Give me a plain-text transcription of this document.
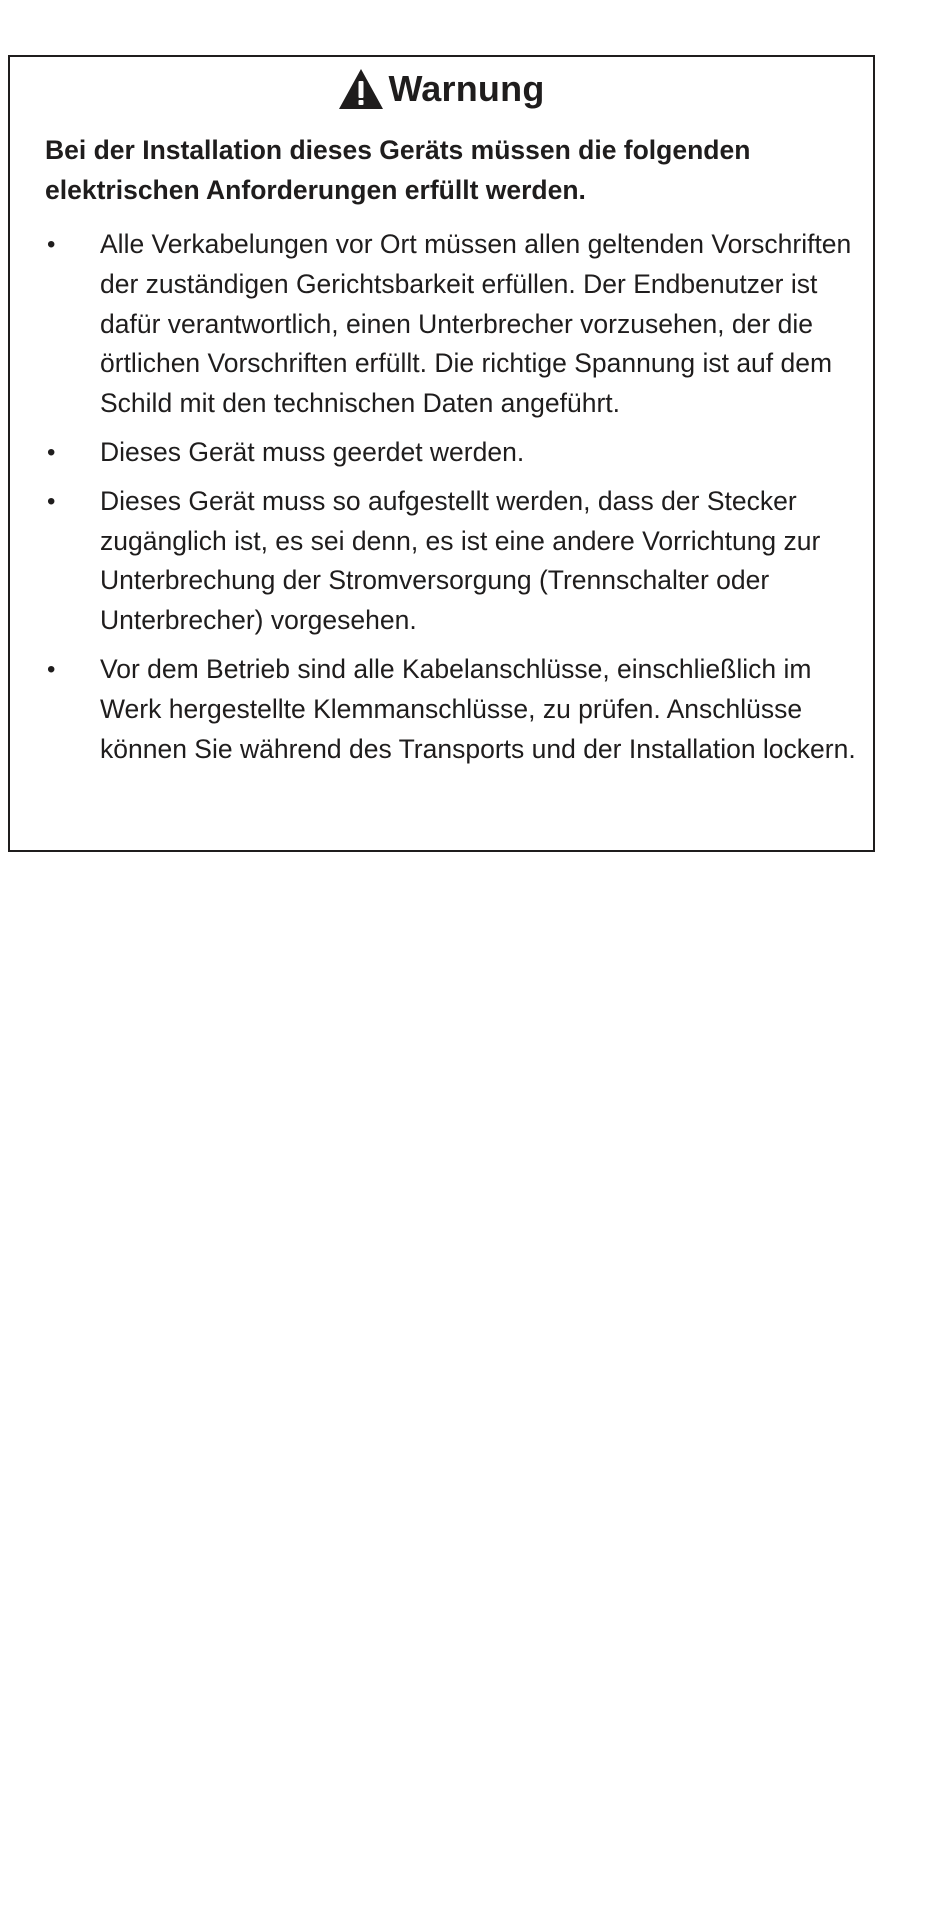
Warnung
Bei der Installation dieses Geräts müssen die folgenden elektrischen Anforderungen erfüllt werden.
• Alle Verkabelungen vor Ort müssen allen geltenden Vorschriften der zuständigen Gerichtsbarkeit erfüllen. Der Endbenutzer ist dafür verantwortlich, einen Unterbrecher vorzusehen, der die örtlichen Vorschriften erfüllt. Die richtige Spannung ist auf dem Schild mit den technischen Daten angeführt.
• Dieses Gerät muss geerdet werden.
• Dieses Gerät muss so aufgestellt werden, dass der Stecker zugänglich ist, es sei denn, es ist eine andere Vorrichtung zur Unterbrechung der Stromversorgung (Trennschalter oder Unterbrecher) vorgesehen.
• Vor dem Betrieb sind alle Kabelanschlüsse, einschließlich im Werk hergestellte Klemmanschlüsse, zu prüfen. Anschlüsse können Sie während des Transports und der Installation lockern.
